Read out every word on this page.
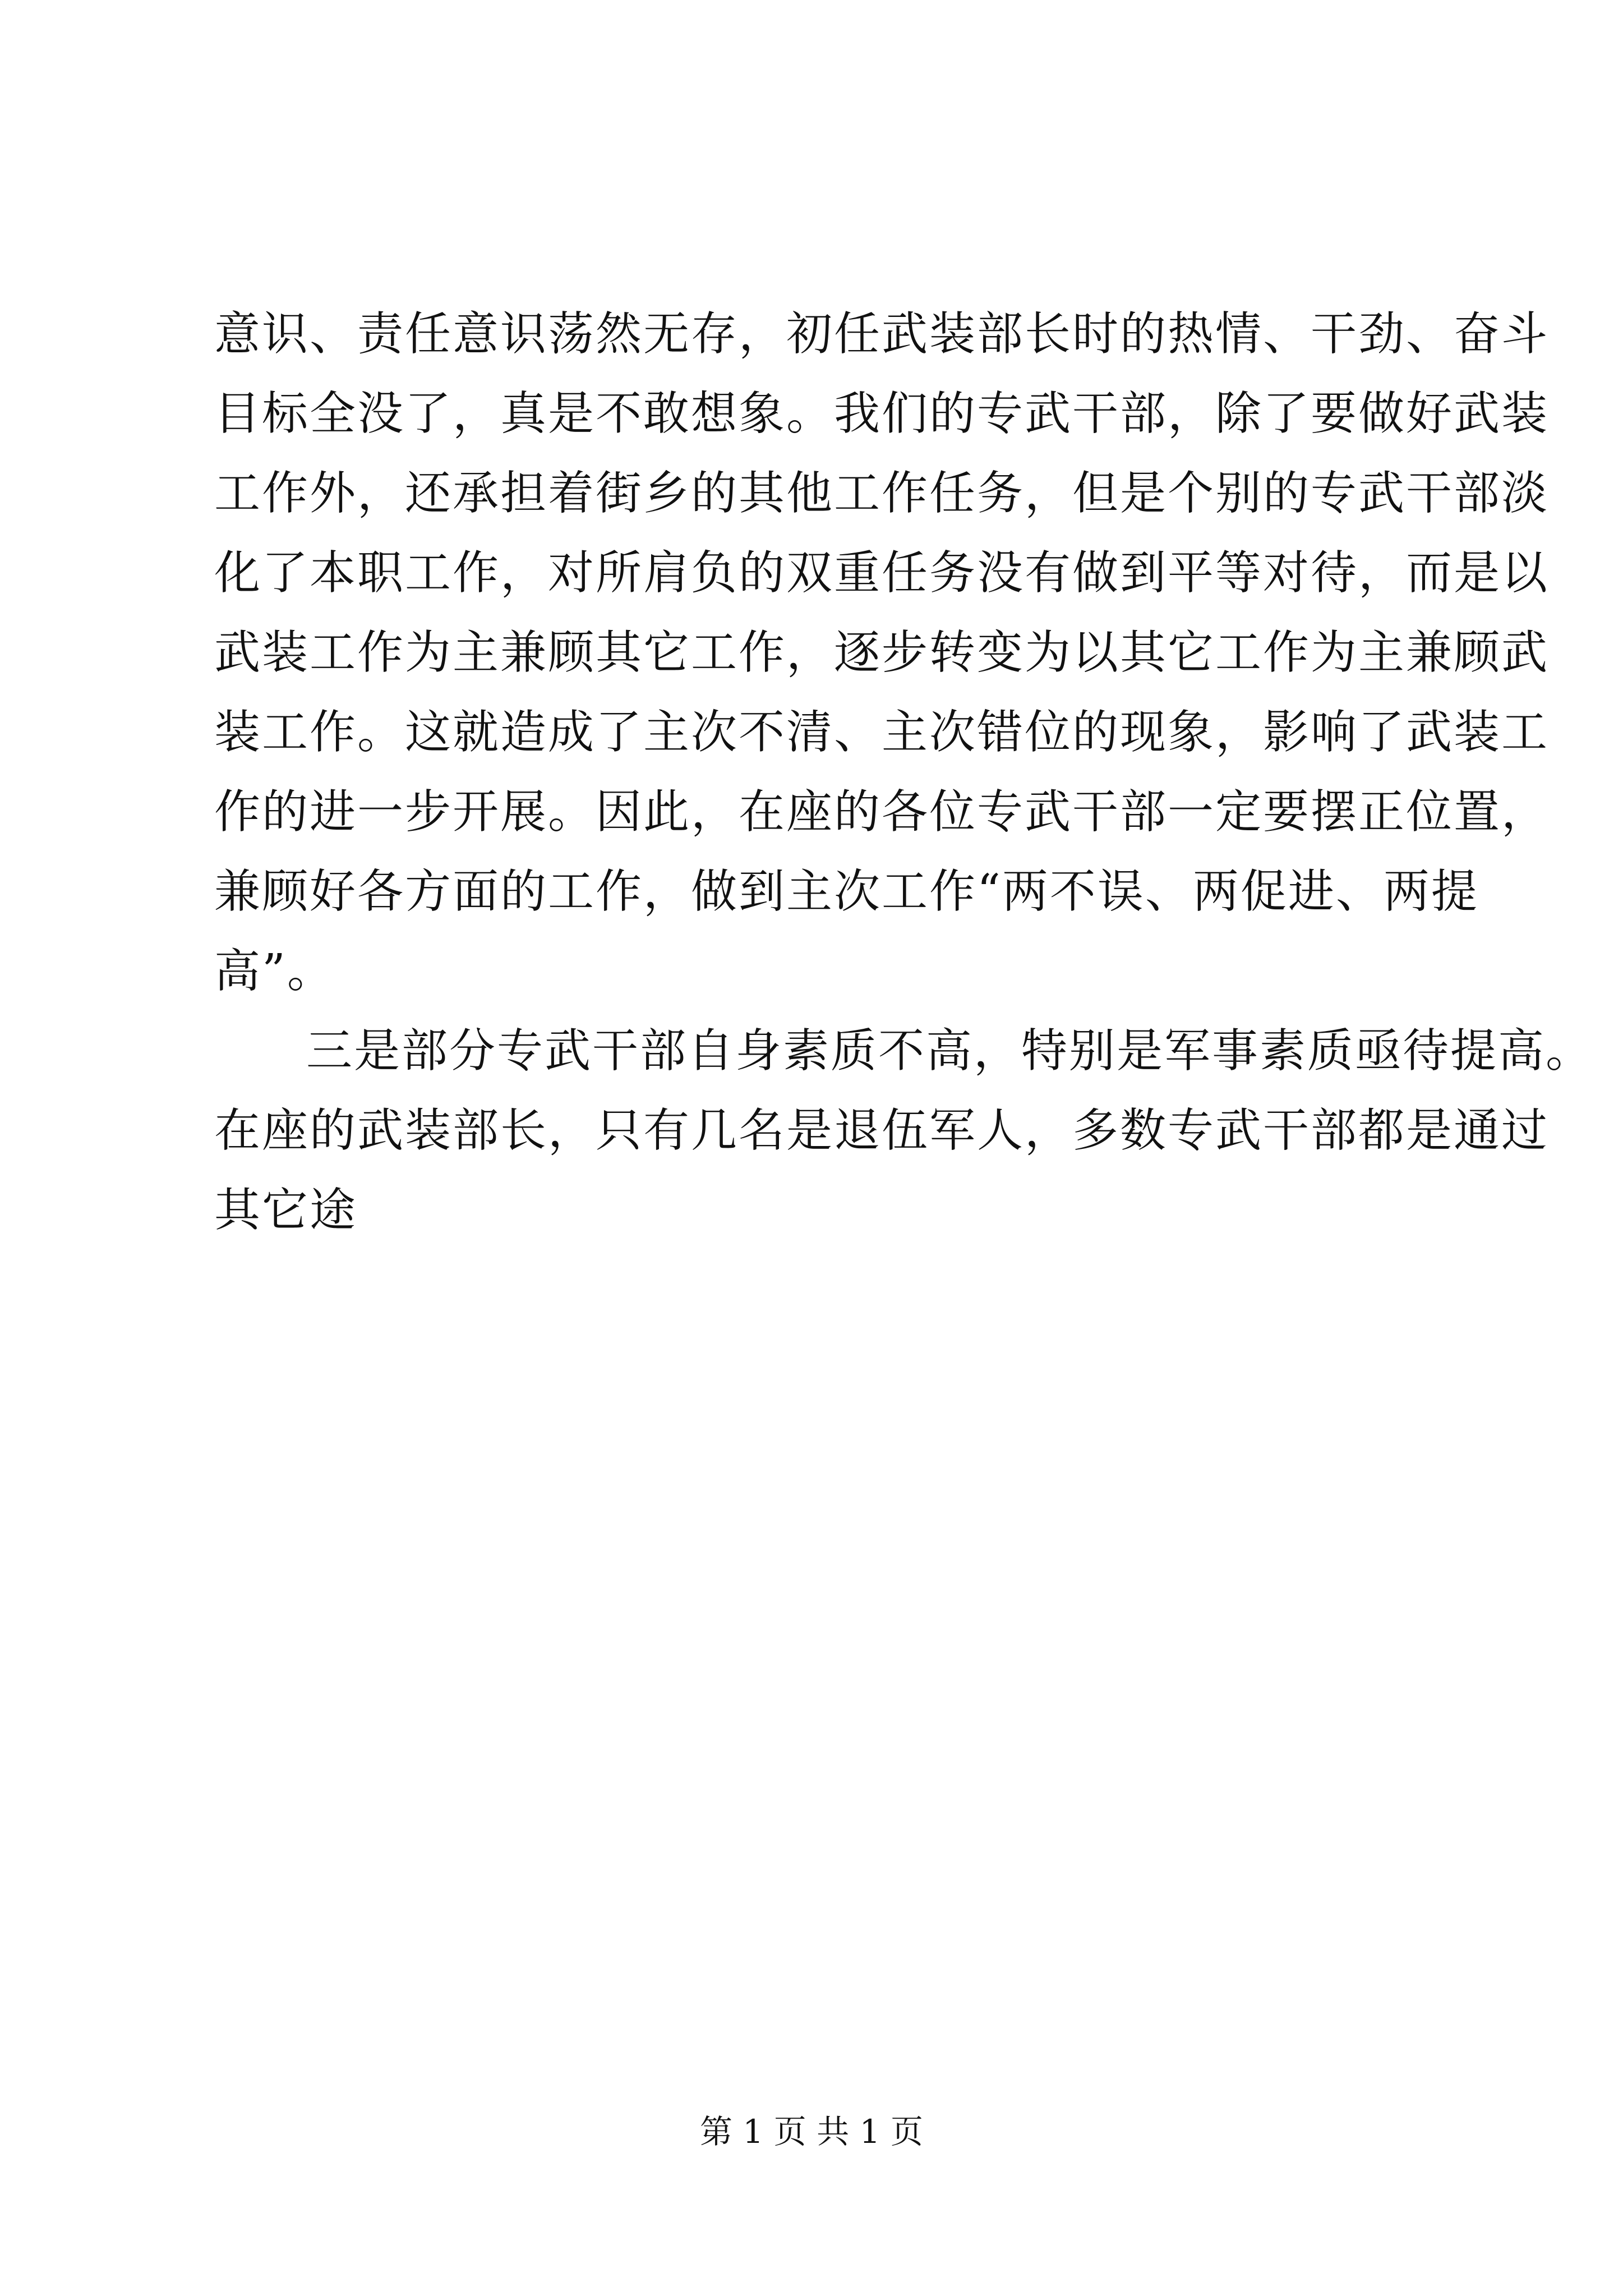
意识、责任意识荡然无存，初任武装部长时的热情、干劲、奋斗
目标全没了，真是不敢想象。我们的专武干部，除了要做好武装
工作外，还承担着街乡的其他工作任务，但是个别的专武干部淡
化了本职工作，对所肩负的双重任务没有做到平等对待，而是以
武装工作为主兼顾其它工作，逐步转变为以其它工作为主兼顾武
装工作。这就造成了主次不清、主次错位的现象，影响了武装工
作的进一步开展。因此，在座的各位专武干部一定要摆正位置，
兼顾好各方面的工作，做到主次工作“两不误、两促进、两提
高”。
三是部分专武干部自身素质不高，特别是军事素质亟待提高。
在座的武装部长，只有几名是退伍军人，多数专武干部都是通过
其它途
第 1 页 共 1 页
